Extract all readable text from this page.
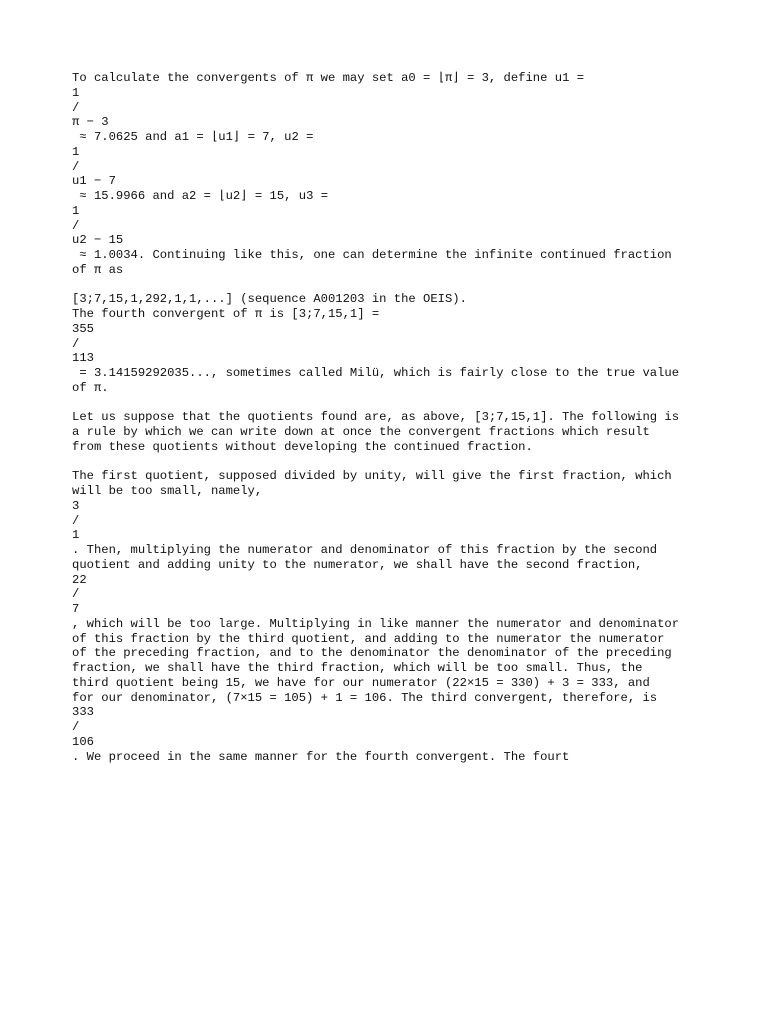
To calculate the convergents of π we may set a0 = ⌊π⌋ = 3, define u1 =
1
/
π − 3
≈ 7.0625 and a1 = ⌊u1⌋ = 7, u2 =
1
/
u1 − 7
≈ 15.9966 and a2 = ⌊u2⌋ = 15, u3 =
1
/
u2 − 15
≈ 1.0034. Continuing like this, one can determine the infinite continued fraction
of π as
[3;7,15,1,292,1,1,...] (sequence A001203 in the OEIS).
The fourth convergent of π is [3;7,15,1] =
355
/
113
= 3.14159292035..., sometimes called Milü, which is fairly close to the true value
of π.
Let us suppose that the quotients found are, as above, [3;7,15,1]. The following is
a rule by which we can write down at once the convergent fractions which result
from these quotients without developing the continued fraction.
The first quotient, supposed divided by unity, will give the first fraction, which
will be too small, namely,
3
/
1
. Then, multiplying the numerator and denominator of this fraction by the second
quotient and adding unity to the numerator, we shall have the second fraction,
22
/
7
, which will be too large. Multiplying in like manner the numerator and denominator
of this fraction by the third quotient, and adding to the numerator the numerator
of the preceding fraction, and to the denominator the denominator of the preceding
fraction, we shall have the third fraction, which will be too small. Thus, the
third quotient being 15, we have for our numerator (22×15 = 330) + 3 = 333, and
for our denominator, (7×15 = 105) + 1 = 106. The third convergent, therefore, is
333
/
106
. We proceed in the same manner for the fourth convergent. The fourt
